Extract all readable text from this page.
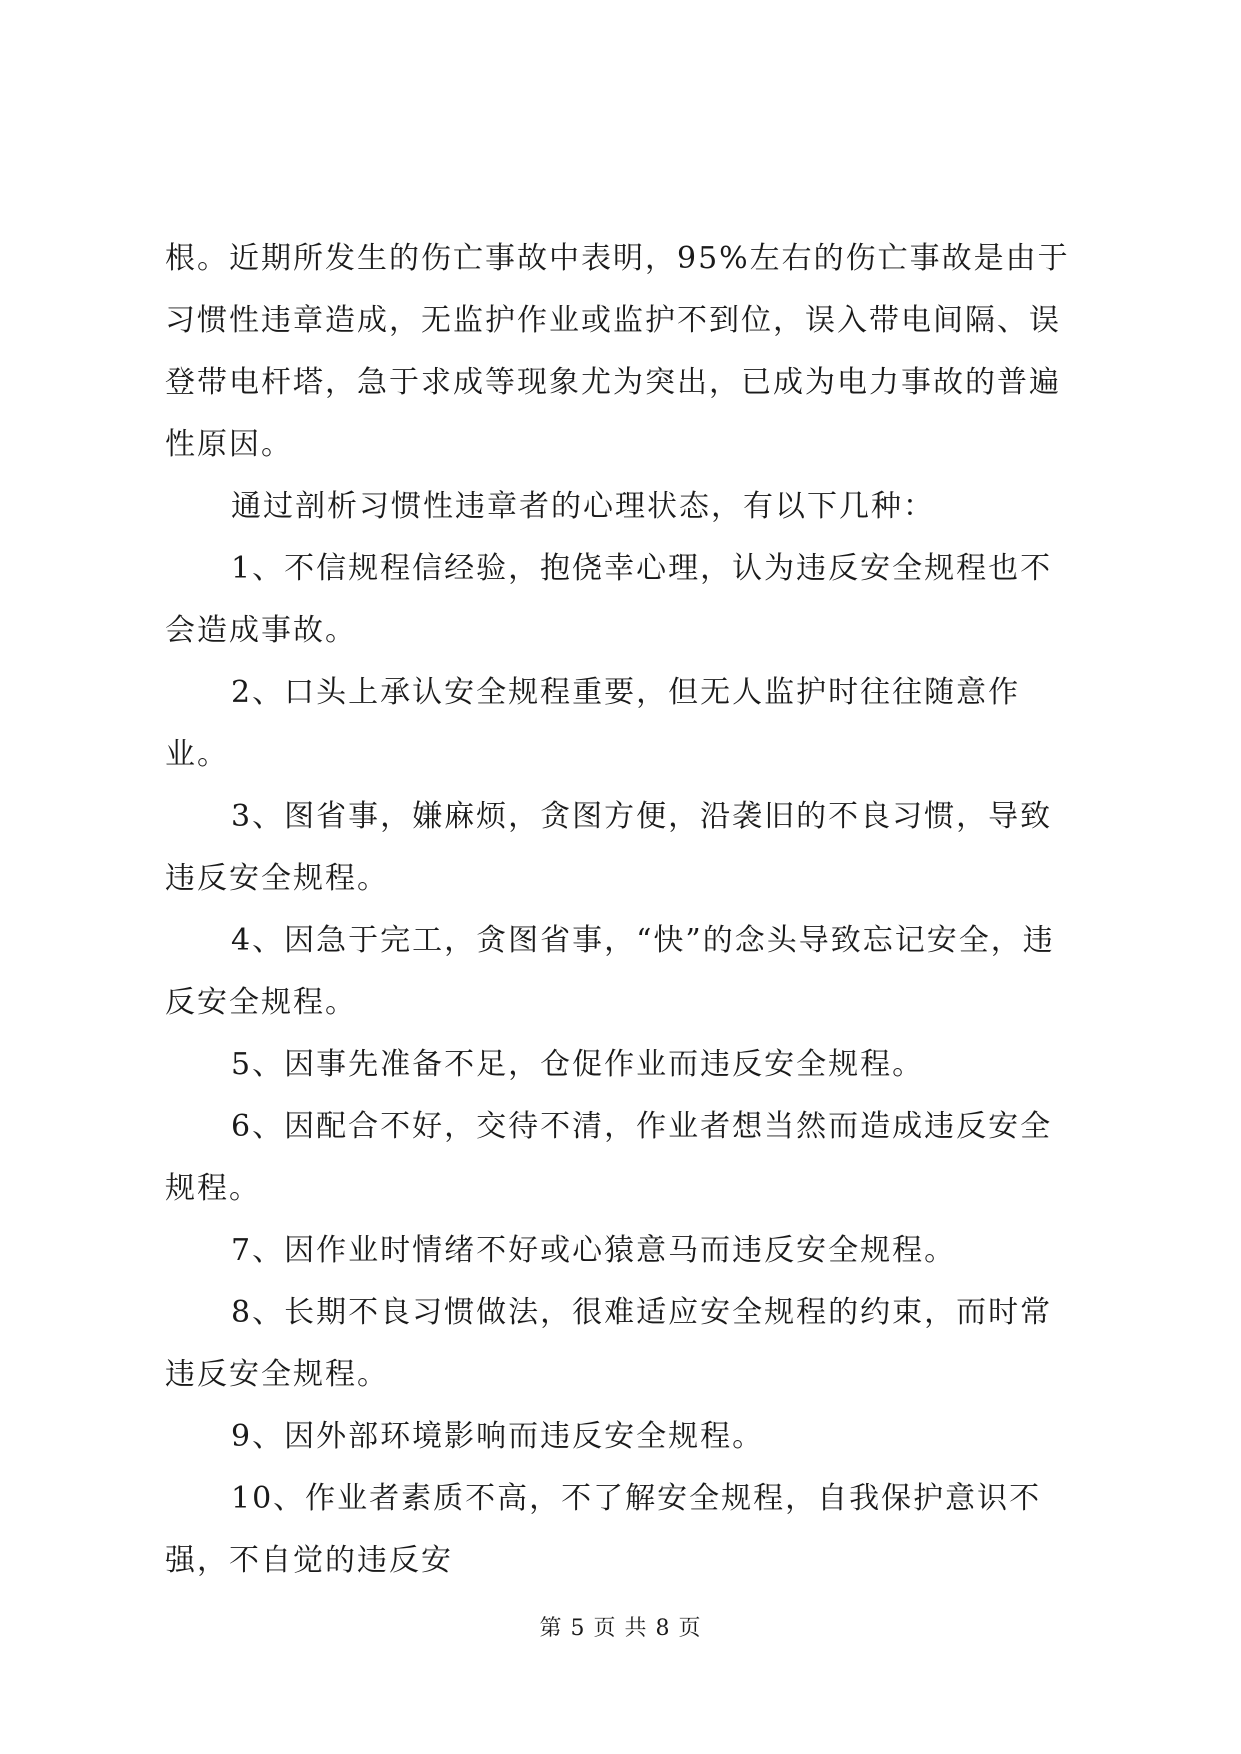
根。近期所发生的伤亡事故中表明，95%左右的伤亡事故是由于习惯性违章造成，无监护作业或监护不到位，误入带电间隔、误登带电杆塔，急于求成等现象尤为突出，已成为电力事故的普遍性原因。

通过剖析习惯性违章者的心理状态，有以下几种：

1、不信规程信经验，抱侥幸心理，认为违反安全规程也不会造成事故。

2、口头上承认安全规程重要，但无人监护时往往随意作业。

3、图省事，嫌麻烦，贪图方便，沿袭旧的不良习惯，导致违反安全规程。

4、因急于完工，贪图省事，“快”的念头导致忘记安全，违反安全规程。

5、因事先准备不足，仓促作业而违反安全规程。

6、因配合不好，交待不清，作业者想当然而造成违反安全规程。

7、因作业时情绪不好或心猿意马而违反安全规程。

8、长期不良习惯做法，很难适应安全规程的约束，而时常违反安全规程。

9、因外部环境影响而违反安全规程。

10、作业者素质不高，不了解安全规程，自我保护意识不强，不自觉的违反安

第 5 页 共 8 页
